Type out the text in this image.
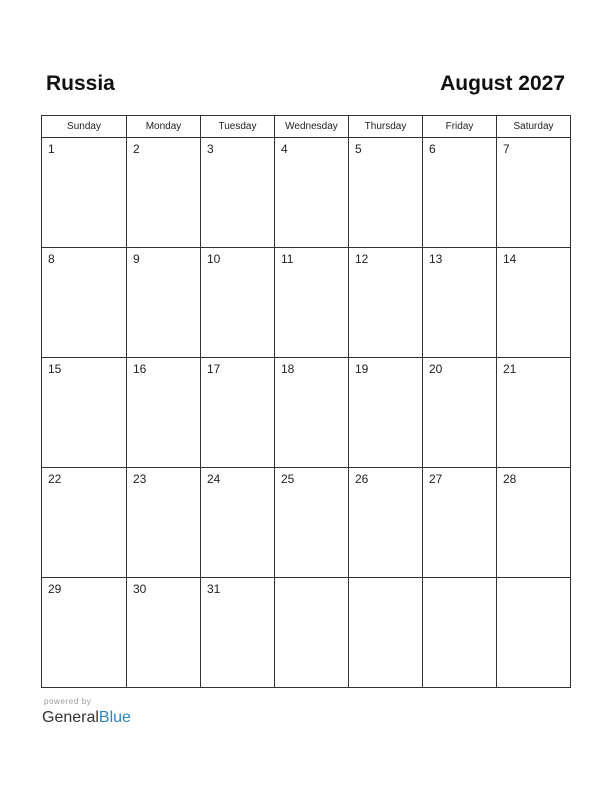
Russia	August 2027
Sunday	Monday	Tuesday	Wednesday	Thursday	Friday	Saturday

1	2	3	4	5	6	7

8	9	10	11	12	13	14

15	16	17	18	19	20	21

22	23	24	25	26	27	28

29	30	31				

powered by
GeneralBlue
